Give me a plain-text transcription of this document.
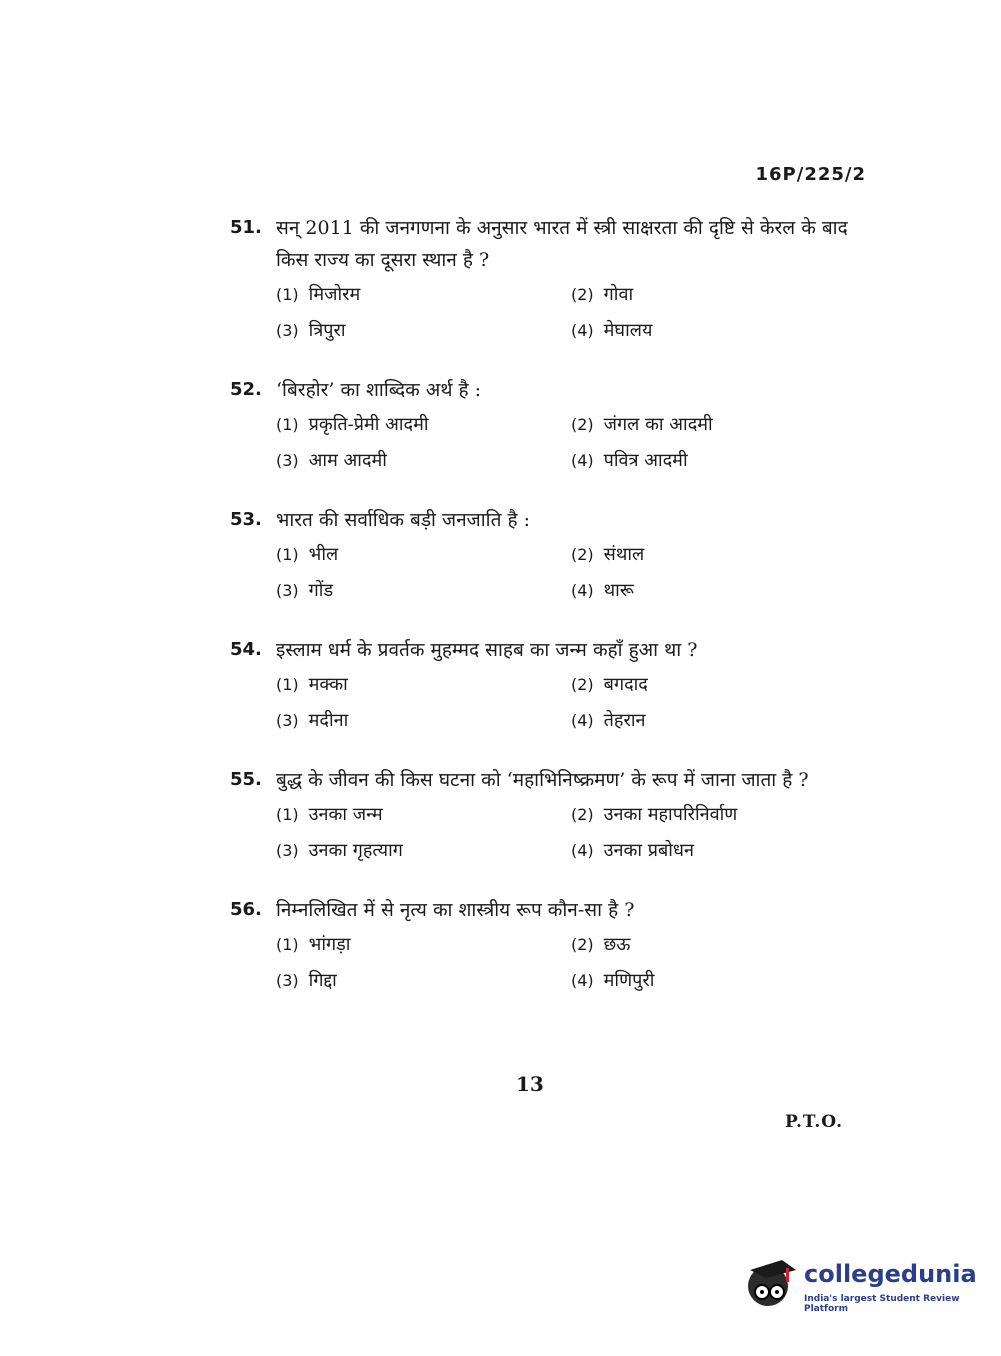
16P/225/2
51. सन् 2011 की जनगणना के अनुसार भारत में स्त्री साक्षरता की दृष्टि से केरल के बाद किस राज्य का दूसरा स्थान है ?
(1) मिजोरम	(2) गोवा
(3) त्रिपुरा	(4) मेघालय
52. ‘बिरहोर’ का शाब्दिक अर्थ है :
(1) प्रकृति-प्रेमी आदमी	(2) जंगल का आदमी
(3) आम आदमी	(4) पवित्र आदमी
53. भारत की सर्वाधिक बड़ी जनजाति है :
(1) भील	(2) संथाल
(3) गोंड	(4) थारू
54. इस्लाम धर्म के प्रवर्तक मुहम्मद साहब का जन्म कहाँ हुआ था ?
(1) मक्का	(2) बगदाद
(3) मदीना	(4) तेहरान
55. बुद्ध के जीवन की किस घटना को ‘महाभिनिष्क्रमण’ के रूप में जाना जाता है ?
(1) उनका जन्म	(2) उनका महापरिनिर्वाण
(3) उनका गृहत्याग	(4) उनका प्रबोधन
56. निम्नलिखित में से नृत्य का शास्त्रीय रूप कौन-सा है ?
(1) भांगड़ा	(2) छऊ
(3) गिद्दा	(4) मणिपुरी
13
P.T.O.
collegedunia
India's largest Student Review Platform
